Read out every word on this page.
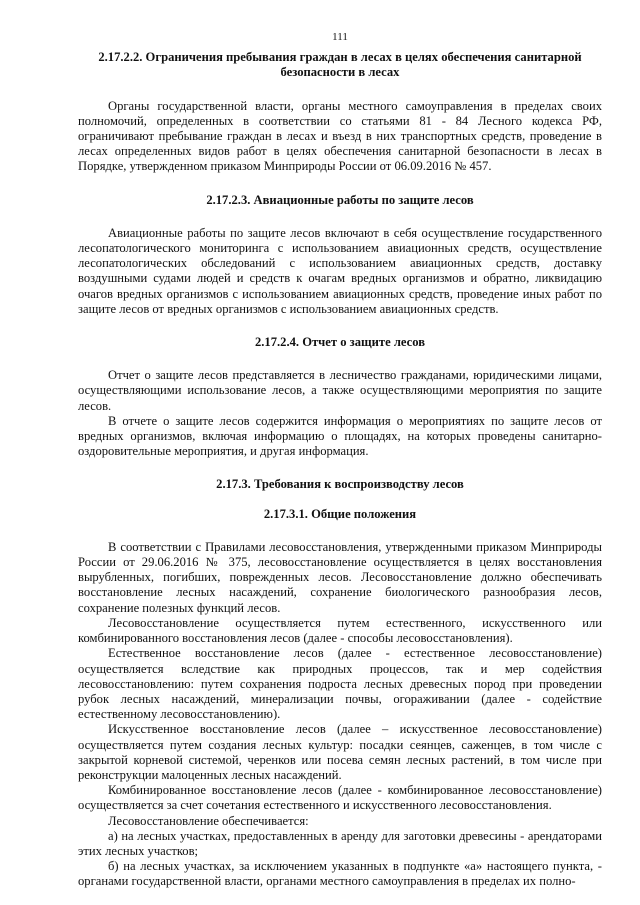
111
2.17.2.2. Ограничения пребывания граждан в лесах в целях обеспечения санитарной безопасности в лесах

Органы государственной власти, органы местного самоуправления в пределах своих полномочий, определенных в соответствии со статьями 81 - 84 Лесного кодекса РФ, ограничивают пребывание граждан в лесах и въезд в них транспортных средств, проведение в лесах определенных видов работ в целях обеспечения санитарной безопасности в лесах в Порядке, утвержденном приказом Минприроды России от 06.09.2016 № 457.

2.17.2.3. Авиационные работы по защите лесов

Авиационные работы по защите лесов включают в себя осуществление государственного лесопатологического мониторинга с использованием авиационных средств, осуществление лесопатологических обследований с использованием авиационных средств, доставку воздушными судами людей и средств к очагам вредных организмов и обратно, ликвидацию очагов вредных организмов с использованием авиационных средств, проведение иных работ по защите лесов от вредных организмов с использованием авиационных средств.

2.17.2.4. Отчет о защите лесов

Отчет о защите лесов представляется в лесничество гражданами, юридическими лицами, осуществляющими использование лесов, а также осуществляющими мероприятия по защите лесов.

В отчете о защите лесов содержится информация о мероприятиях по защите лесов от вредных организмов, включая информацию о площадях, на которых проведены санитарно-оздоровительные мероприятия, и другая информация.

2.17.3. Требования к воспроизводству лесов
2.17.3.1. Общие положения

В соответствии с Правилами лесовосстановления, утвержденными приказом Минприроды России от 29.06.2016 № 375, лесовосстановление осуществляется в целях восстановления вырубленных, погибших, поврежденных лесов. Лесовосстановление должно обеспечивать восстановление лесных насаждений, сохранение биологического разнообразия лесов, сохранение полезных функций лесов.

Лесовосстановление осуществляется путем естественного, искусственного или комбинированного восстановления лесов (далее - способы лесовосстановления).

Естественное восстановление лесов (далее - естественное лесовосстановление) осуществляется вследствие как природных процессов, так и мер содействия лесовосстановлению: путем сохранения подроста лесных древесных пород при проведении рубок лесных насаждений, минерализации почвы, огораживании (далее - содействие естественному лесовосстановлению).

Искусственное восстановление лесов (далее – искусственное лесовосстановление) осуществляется путем создания лесных культур: посадки сеянцев, саженцев, в том числе с закрытой корневой системой, черенков или посева семян лесных растений, в том числе при реконструкции малоценных лесных насаждений.

Комбинированное восстановление лесов (далее - комбинированное лесовосстановление) осуществляется за счет сочетания естественного и искусственного лесовосстановления.

Лесовосстановление обеспечивается:

а) на лесных участках, предоставленных в аренду для заготовки древесины - арендаторами этих лесных участков;

б) на лесных участках, за исключением указанных в подпункте «а» настоящего пункта, - органами государственной власти, органами местного самоуправления в пределах их полно-
